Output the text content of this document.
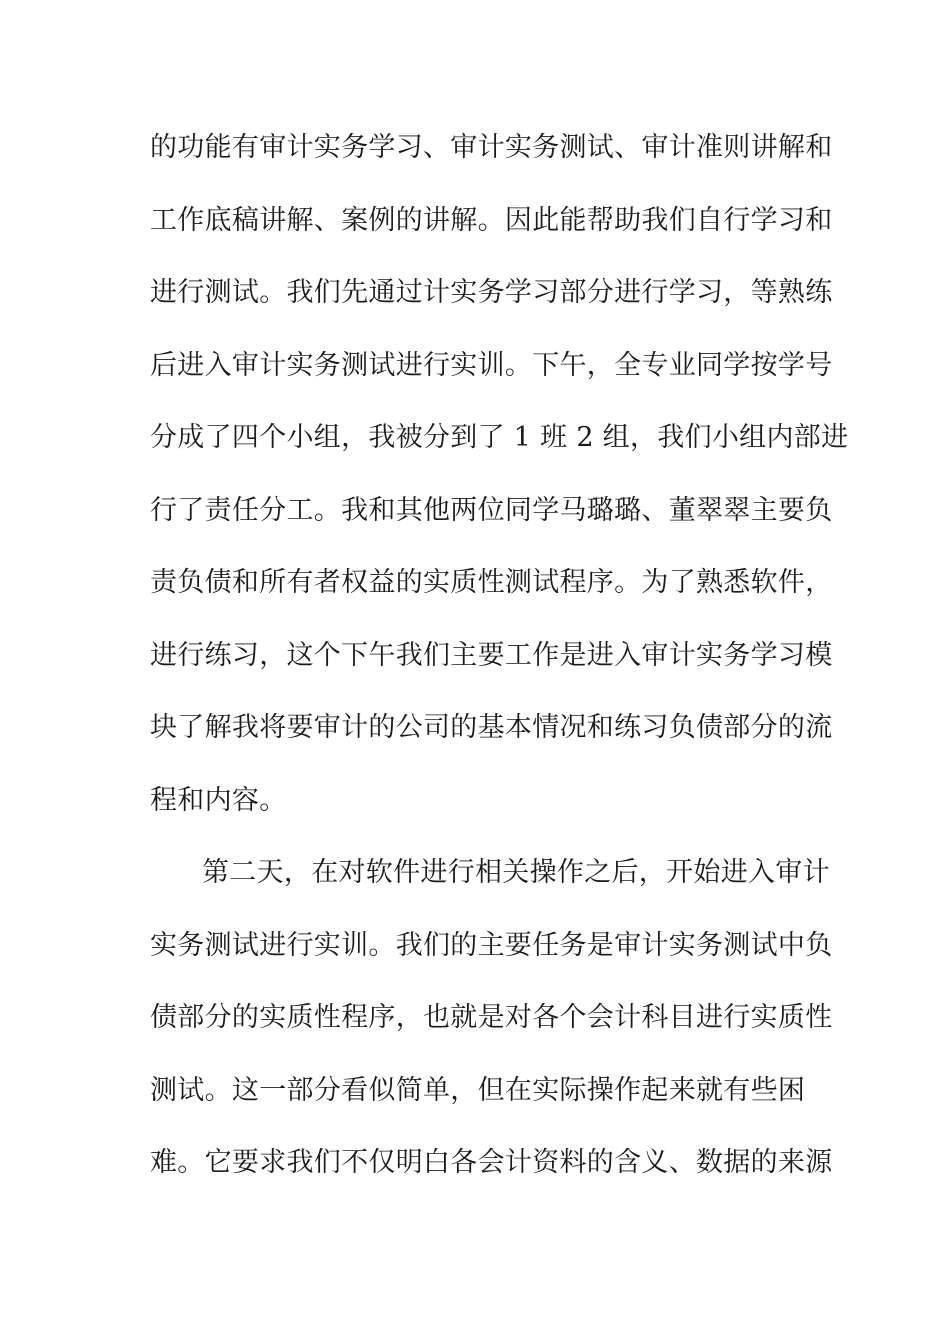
的功能有审计实务学习、审计实务测试、审计准则讲解和
工作底稿讲解、案例的讲解。因此能帮助我们自行学习和
进行测试。我们先通过计实务学习部分进行学习，等熟练
后进入审计实务测试进行实训。下午，全专业同学按学号
分成了四个小组，我被分到了 1 班 2 组，我们小组内部进
行了责任分工。我和其他两位同学马璐璐、董翠翠主要负
责负债和所有者权益的实质性测试程序。为了熟悉软件，
进行练习，这个下午我们主要工作是进入审计实务学习模
块了解我将要审计的公司的基本情况和练习负债部分的流
程和内容。
第二天，在对软件进行相关操作之后，开始进入审计
实务测试进行实训。我们的主要任务是审计实务测试中负
债部分的实质性程序，也就是对各个会计科目进行实质性
测试。这一部分看似简单，但在实际操作起来就有些困
难。它要求我们不仅明白各会计资料的含义、数据的来源
